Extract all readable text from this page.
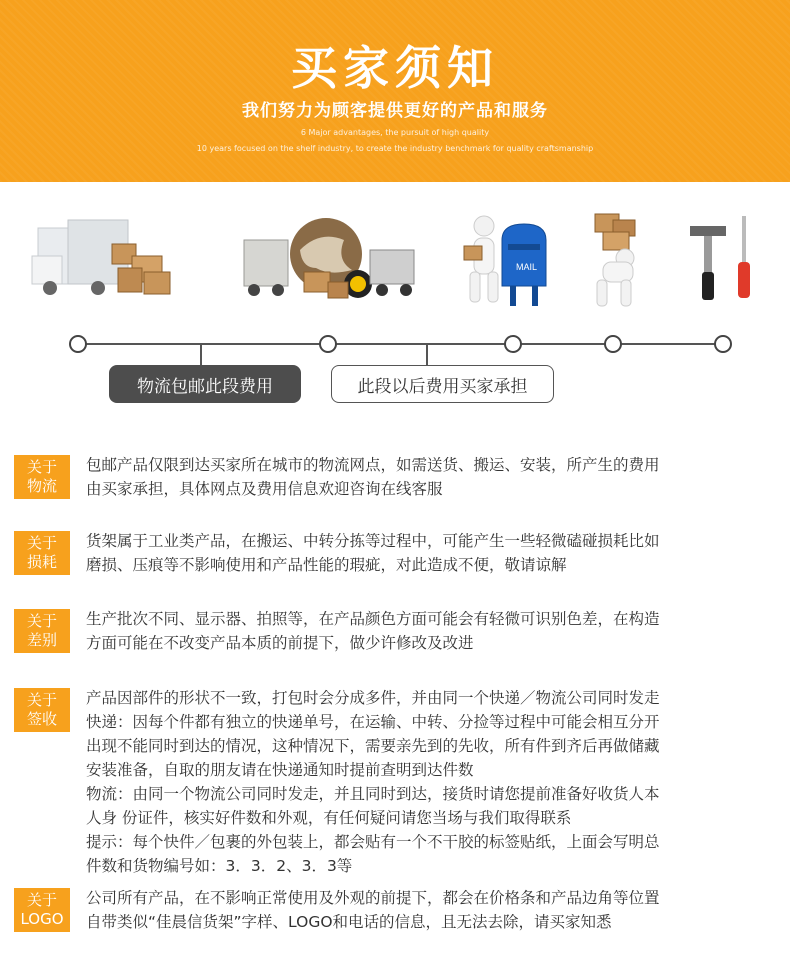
买家须知
我们努力为顾客提供更好的产品和服务
6 Major advantages, the pursuit of high quality
10 years focused on the shelf industry, to create the industry benchmark for quality craftsmanship
MAIL
物流包邮此段费用	此段以后费用买家承担
关于
物流

包邮产品仅限到达买家所在城市的物流网点，如需送货、搬运、安装，所产生的费用

由买家承担，具体网点及费用信息欢迎咨询在线客服

关于
损耗

货架属于工业类产品，在搬运、中转分拣等过程中，可能产生一些轻微磕碰损耗比如

磨损、压痕等不影响使用和产品性能的瑕疵，对此造成不便，敬请谅解

关于
差别

生产批次不同、显示器、拍照等，在产品颜色方面可能会有轻微可识别色差，在构造

方面可能在不改变产品本质的前提下，做少许修改及改进

关于
签收

产品因部件的形状不一致，打包时会分成多件，并由同一个快递／物流公司同时发走

快递：因每个件都有独立的快递单号，在运输、中转、分捡等过程中可能会相互分开

出现不能同时到达的情况，这种情况下，需要亲先到的先收，所有件到齐后再做储藏

安装准备，自取的朋友请在快递通知时提前查明到达件数

物流：由同一个物流公司同时发走，并且同时到达，接货时请您提前准备好收货人本

人身 份证件，核实好件数和外观，有任何疑问请您当场与我们取得联系

提示：每个快件／包裹的外包装上，都会贴有一个不干胶的标签贴纸，上面会写明总

件数和货物编号如：3．3．2、3．3等

关于
LOGO

公司所有产品，在不影响正常使用及外观的前提下，都会在价格条和产品边角等位置

自带类似“佳晨信货架”字样、LOGO和电话的信息，且无法去除，请买家知悉
